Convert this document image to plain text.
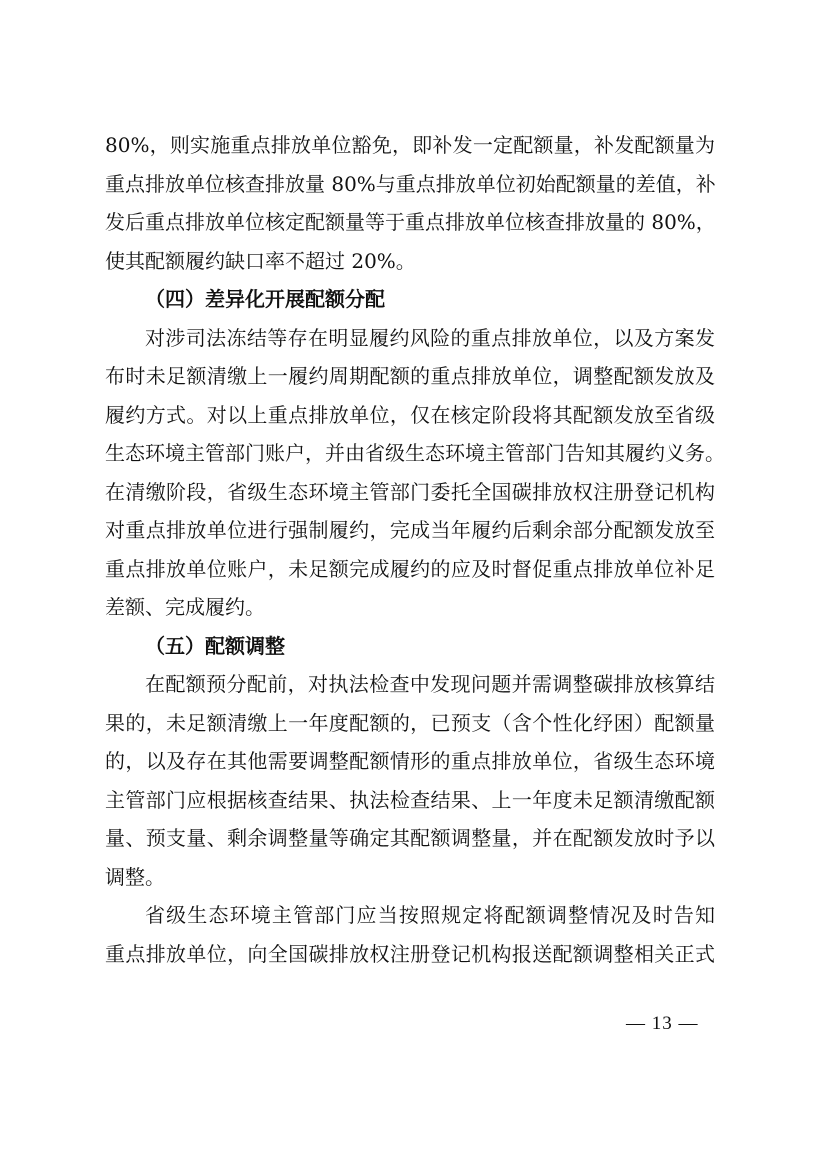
80%，则实施重点排放单位豁免，即补发一定配额量，补发配额量为
重点排放单位核查排放量 80%与重点排放单位初始配额量的差值，补
发后重点排放单位核定配额量等于重点排放单位核查排放量的 80%，
使其配额履约缺口率不超过 20%。
（四）差异化开展配额分配
对涉司法冻结等存在明显履约风险的重点排放单位，以及方案发
布时未足额清缴上一履约周期配额的重点排放单位，调整配额发放及
履约方式。对以上重点排放单位，仅在核定阶段将其配额发放至省级
生态环境主管部门账户，并由省级生态环境主管部门告知其履约义务。
在清缴阶段，省级生态环境主管部门委托全国碳排放权注册登记机构
对重点排放单位进行强制履约，完成当年履约后剩余部分配额发放至
重点排放单位账户，未足额完成履约的应及时督促重点排放单位补足
差额、完成履约。
（五）配额调整
在配额预分配前，对执法检查中发现问题并需调整碳排放核算结
果的，未足额清缴上一年度配额的，已预支（含个性化纾困）配额量
的，以及存在其他需要调整配额情形的重点排放单位，省级生态环境
主管部门应根据核查结果、执法检查结果、上一年度未足额清缴配额
量、预支量、剩余调整量等确定其配额调整量，并在配额发放时予以
调整。
省级生态环境主管部门应当按照规定将配额调整情况及时告知
重点排放单位，向全国碳排放权注册登记机构报送配额调整相关正式
— 13 —
